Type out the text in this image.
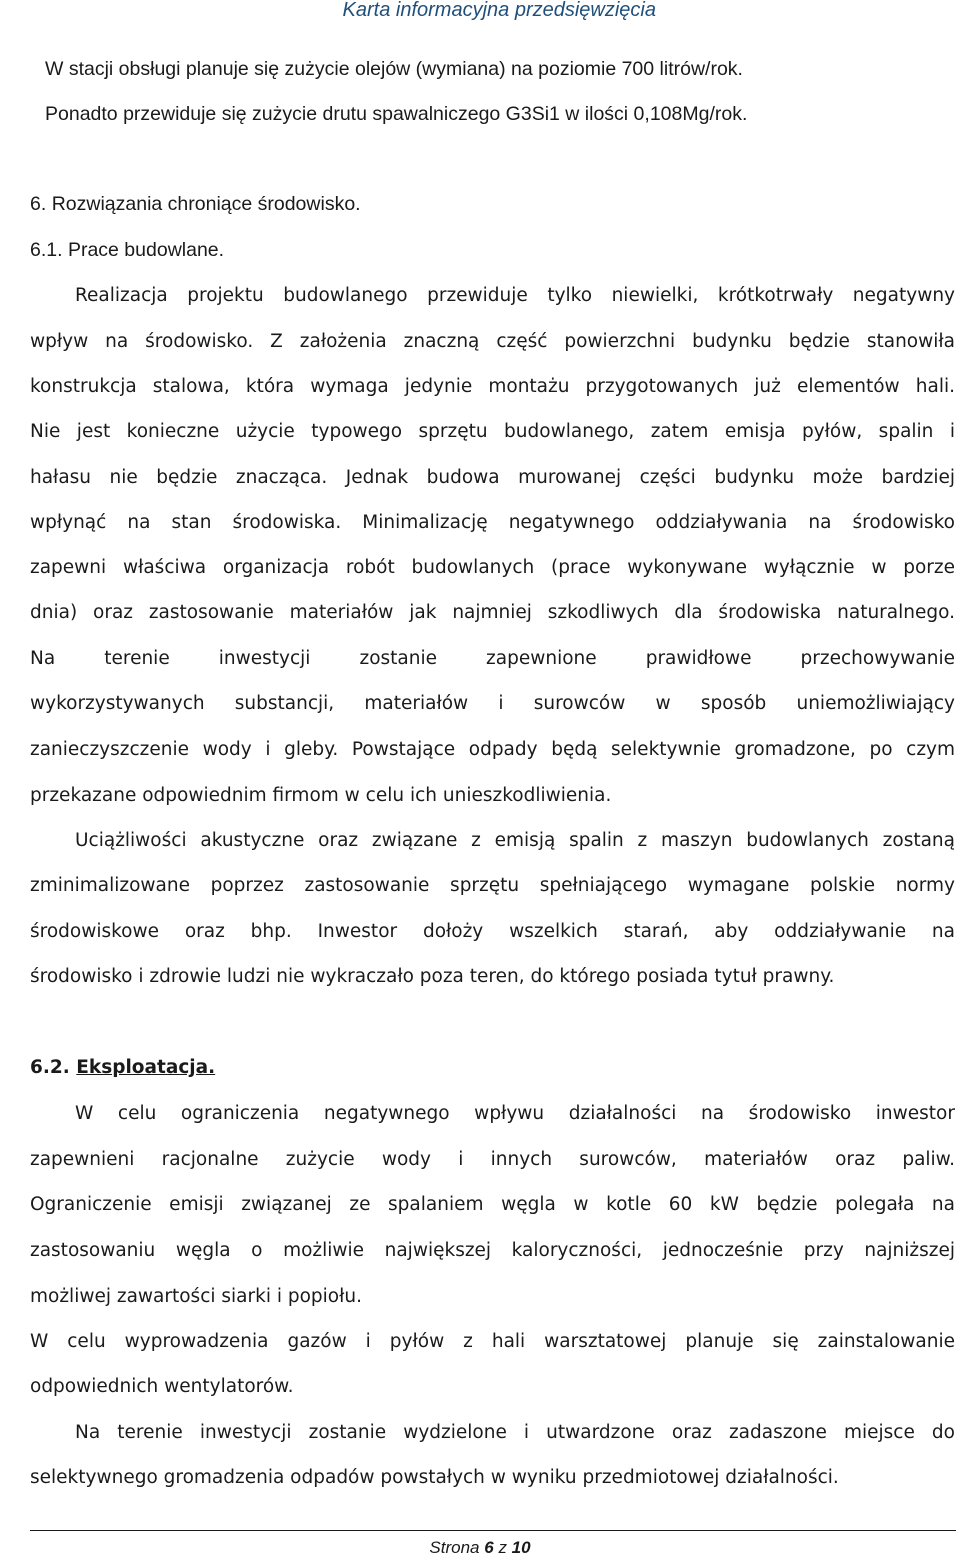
Karta informacyjna przedsięwzięcia
W stacji obsługi planuje się zużycie olejów (wymiana) na poziomie 700 litrów/rok.
Ponadto przewiduje się zużycie drutu spawalniczego G3Si1 w ilości 0,108Mg/rok.
6. Rozwiązania chroniące środowisko.
6.1. Prace budowlane.
Realizacja projektu budowlanego przewiduje tylko niewielki, krótkotrwały negatywny
wpływ na środowisko. Z założenia znaczną część powierzchni budynku będzie stanowiła
konstrukcja stalowa, która wymaga jedynie montażu przygotowanych już elementów hali.
Nie jest konieczne użycie typowego sprzętu budowlanego, zatem emisja pyłów, spalin i
hałasu nie będzie znacząca. Jednak budowa murowanej części budynku może bardziej
wpłynąć na stan środowiska. Minimalizację negatywnego oddziaływania na środowisko
zapewni właściwa organizacja robót budowlanych (prace wykonywane wyłącznie w porze
dnia) oraz zastosowanie materiałów jak najmniej szkodliwych dla środowiska naturalnego.
Na terenie inwestycji zostanie zapewnione prawidłowe przechowywanie
wykorzystywanych substancji, materiałów i surowców w sposób uniemożliwiający
zanieczyszczenie wody i gleby. Powstające odpady będą selektywnie gromadzone, po czym
przekazane odpowiednim firmom w celu ich unieszkodliwienia.
Uciążliwości akustyczne oraz związane z emisją spalin z maszyn budowlanych zostaną
zminimalizowane poprzez zastosowanie sprzętu spełniającego wymagane polskie normy
środowiskowe oraz bhp. Inwestor dołoży wszelkich starań, aby oddziaływanie na
środowisko i zdrowie ludzi nie wykraczało poza teren, do którego posiada tytuł prawny.
6.2. Eksploatacja.
W celu ograniczenia negatywnego wpływu działalności na środowisko inwestor
zapewnieni racjonalne zużycie wody i innych surowców, materiałów oraz paliw.
Ograniczenie emisji związanej ze spalaniem węgla w kotle 60 kW będzie polegała na
zastosowaniu węgla o możliwie największej kaloryczności, jednocześnie przy najniższej
możliwej zawartości siarki i popiołu.
W celu wyprowadzenia gazów i pyłów z hali warsztatowej planuje się zainstalowanie
odpowiednich wentylatorów.
Na terenie inwestycji zostanie wydzielone i utwardzone oraz zadaszone miejsce do
selektywnego gromadzenia odpadów powstałych w wyniku przedmiotowej działalności.
Strona 6 z 10
